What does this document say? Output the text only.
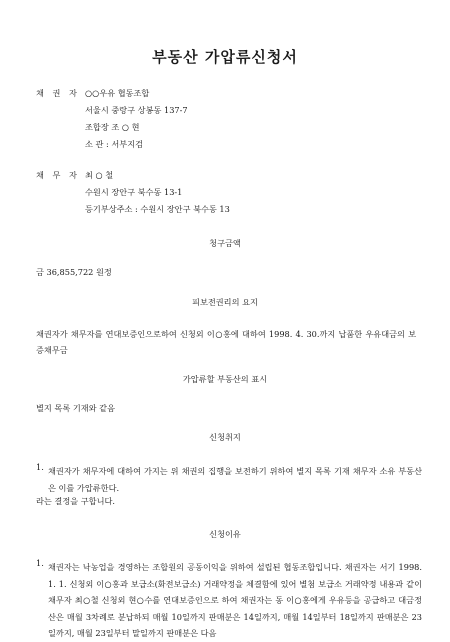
부동산 가압류신청서
채 권 자 ○○우유 협동조합
서울시 중랑구 상봉동 137-7
조합장 조 ○ 현
소 관 : 서부지검
채 무 자 최 ○ 철
수원시 장안구 북수동 13-1
등기부상주소 : 수원시 장안구 북수동 13
청구금액
금 36,855,722 원정
피보전권리의 요지
채권자가 채무자를 연대보증인으로하여 신청외 이○홍에 대하여 1998. 4. 30.까지 납품한 우유대금의 보증채무금
가압류할 부동산의 표시
별지 목록 기재와 같음
신청취지
1. 채권자가 채무자에 대하여 가지는 위 채권의 집행을 보전하기 위하여 별지 목록 기재 채무자 소유 부동산은 이를 가압류한다.
라는 결정을 구합니다.
신청이유
1. 채권자는 낙농업을 경영하는 조합원의 공동이익을 위하여 설립된 협동조합입니다. 채권자는 서기 1998. 1. 1. 신청외 이○홍과 보급소(화전보급소) 거래약정을 체결함에 있어 별첨 보급소 거래약정 내용과 같이 채무자 최○철 신청외 현○수를 연대보증인으로 하여 채권자는 동 이○홍에게 우유등을 공급하고 대금정산은 매월 3차례로 분납하되 매월 10일까지 판매분은 14일까지, 매월 14일부터 18일까지 판매분은 23일까지, 매월 23일부터 말일까지 판매분은 다음
